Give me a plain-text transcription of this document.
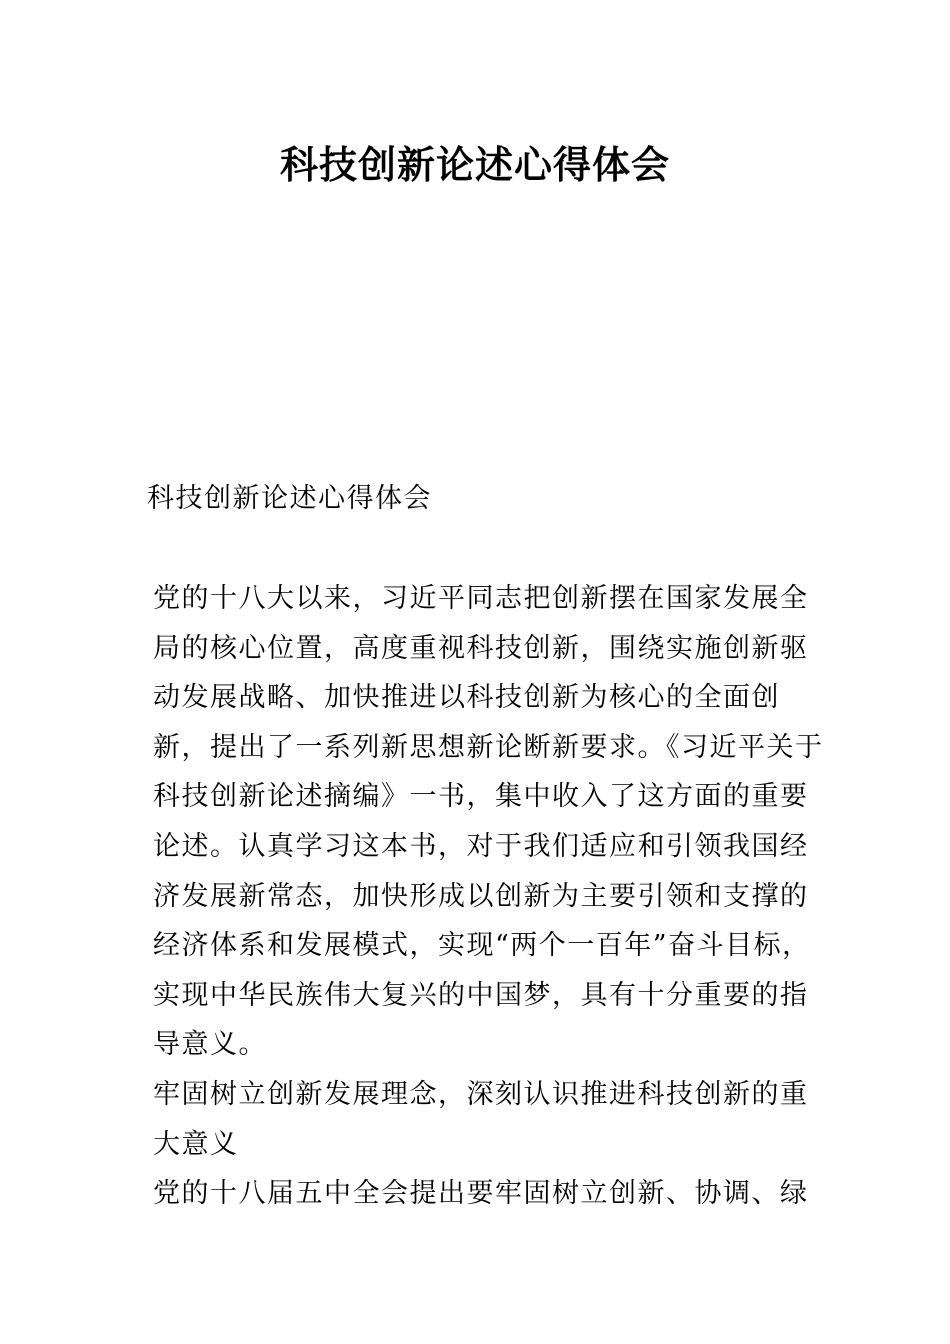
科技创新论述心得体会
科技创新论述心得体会

党的十八大以来，习近平同志把创新摆在国家发展全局的核心位置，高度重视科技创新，围绕实施创新驱动发展战略、加快推进以科技创新为核心的全面创新，提出了一系列新思想新论断新要求。《习近平关于科技创新论述摘编》一书，集中收入了这方面的重要论述。认真学习这本书，对于我们适应和引领我国经济发展新常态，加快形成以创新为主要引领和支撑的经济体系和发展模式，实现“两个一百年”奋斗目标，实现中华民族伟大复兴的中国梦，具有十分重要的指导意义。

牢固树立创新发展理念，深刻认识推进科技创新的重大意义

党的十八届五中全会提出要牢固树立创新、协调、绿
